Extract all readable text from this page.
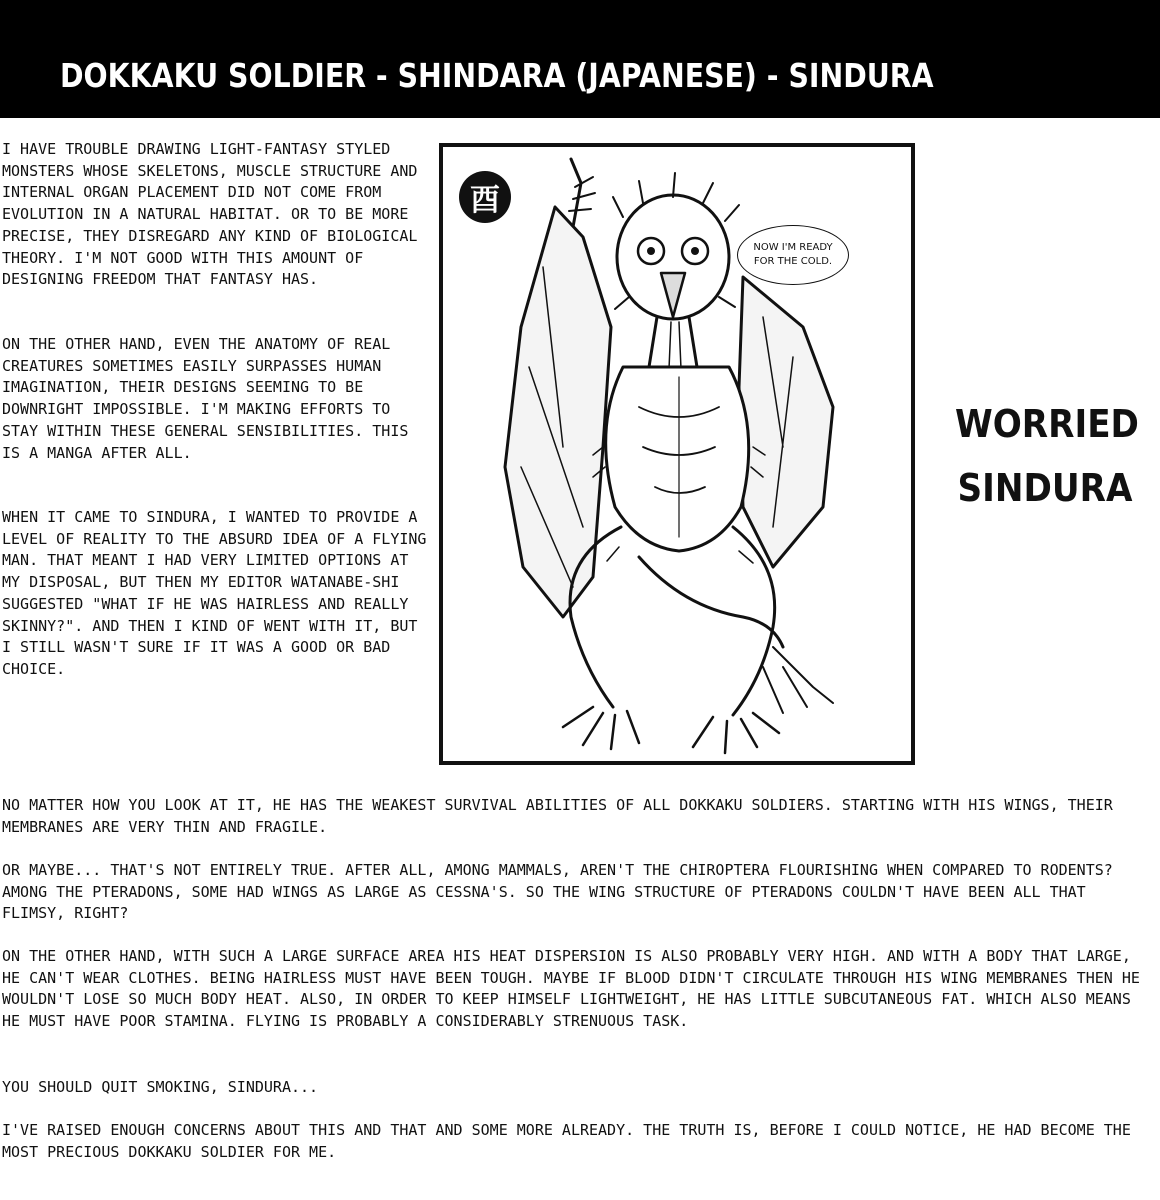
DOKKAKU SOLDIER - SHINDARA (JAPANESE) - SINDURA

I HAVE TROUBLE DRAWING LIGHT-FANTASY STYLED MONSTERS WHOSE SKELETONS, MUSCLE STRUCTURE AND INTERNAL ORGAN PLACEMENT DID NOT COME FROM EVOLUTION IN A NATURAL HABITAT. OR TO BE MORE PRECISE, THEY DISREGARD ANY KIND OF BIOLOGICAL THEORY. I'M NOT GOOD WITH THIS AMOUNT OF DESIGNING FREEDOM THAT FANTASY HAS.

ON THE OTHER HAND, EVEN THE ANATOMY OF REAL CREATURES SOMETIMES EASILY SURPASSES HUMAN IMAGINATION, THEIR DESIGNS SEEMING TO BE DOWNRIGHT IMPOSSIBLE. I'M MAKING EFFORTS TO STAY WITHIN THESE GENERAL SENSIBILITIES. THIS IS A MANGA AFTER ALL.

WHEN IT CAME TO SINDURA, I WANTED TO PROVIDE A LEVEL OF REALITY TO THE ABSURD IDEA OF A FLYING MAN. THAT MEANT I HAD VERY LIMITED OPTIONS AT MY DISPOSAL, BUT THEN MY EDITOR WATANABE-SHI SUGGESTED "WHAT IF HE WAS HAIRLESS AND REALLY SKINNY?". AND THEN I KIND OF WENT WITH IT, BUT I STILL WASN'T SURE IF IT WAS A GOOD OR BAD CHOICE.

酉
NOW I'M READY FOR THE COLD.
WORRIED
SINDURA

NO MATTER HOW YOU LOOK AT IT, HE HAS THE WEAKEST SURVIVAL ABILITIES OF ALL DOKKAKU SOLDIERS. STARTING WITH HIS WINGS, THEIR MEMBRANES ARE VERY THIN AND FRAGILE.

OR MAYBE... THAT'S NOT ENTIRELY TRUE. AFTER ALL, AMONG MAMMALS, AREN'T THE CHIROPTERA FLOURISHING WHEN COMPARED TO RODENTS? AMONG THE PTERADONS, SOME HAD WINGS AS LARGE AS CESSNA'S. SO THE WING STRUCTURE OF PTERADONS COULDN'T HAVE BEEN ALL THAT FLIMSY, RIGHT?

ON THE OTHER HAND, WITH SUCH A LARGE SURFACE AREA HIS HEAT DISPERSION IS ALSO PROBABLY VERY HIGH. AND WITH A BODY THAT LARGE, HE CAN'T WEAR CLOTHES. BEING HAIRLESS MUST HAVE BEEN TOUGH. MAYBE IF BLOOD DIDN'T CIRCULATE THROUGH HIS WING MEMBRANES THEN HE WOULDN'T LOSE SO MUCH BODY HEAT. ALSO, IN ORDER TO KEEP HIMSELF LIGHTWEIGHT, HE HAS LITTLE SUBCUTANEOUS FAT. WHICH ALSO MEANS HE MUST HAVE POOR STAMINA. FLYING IS PROBABLY A CONSIDERABLY STRENUOUS TASK.

YOU SHOULD QUIT SMOKING, SINDURA...

I'VE RAISED ENOUGH CONCERNS ABOUT THIS AND THAT AND SOME MORE ALREADY. THE TRUTH IS, BEFORE I COULD NOTICE, HE HAD BECOME THE MOST PRECIOUS DOKKAKU SOLDIER FOR ME.
